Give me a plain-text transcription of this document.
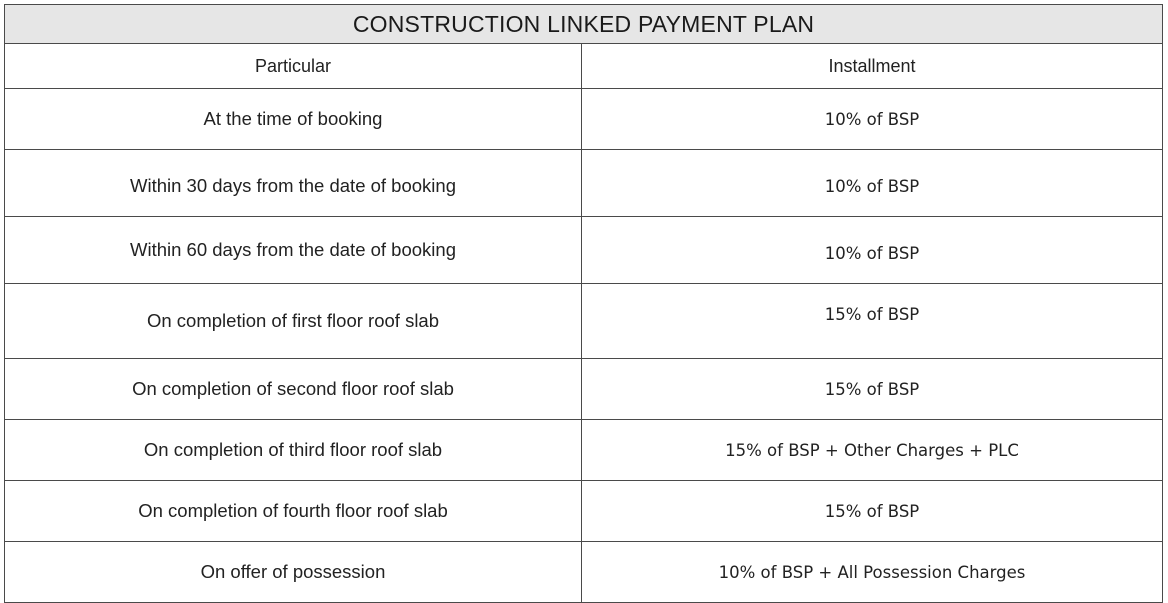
CONSTRUCTION LINKED PAYMENT PLAN	
Particular	Installment
At the time of booking	10% of BSP
Within 30 days from the date of booking	10% of BSP
Within 60 days from the date of booking	10% of BSP
On completion of first floor roof slab	15% of BSP
On completion of second floor roof slab	15% of BSP
On completion of third floor roof slab	15% of BSP + Other Charges + PLC
On completion of fourth floor roof slab	15% of BSP
On offer of possession	10% of BSP + All Possession Charges
